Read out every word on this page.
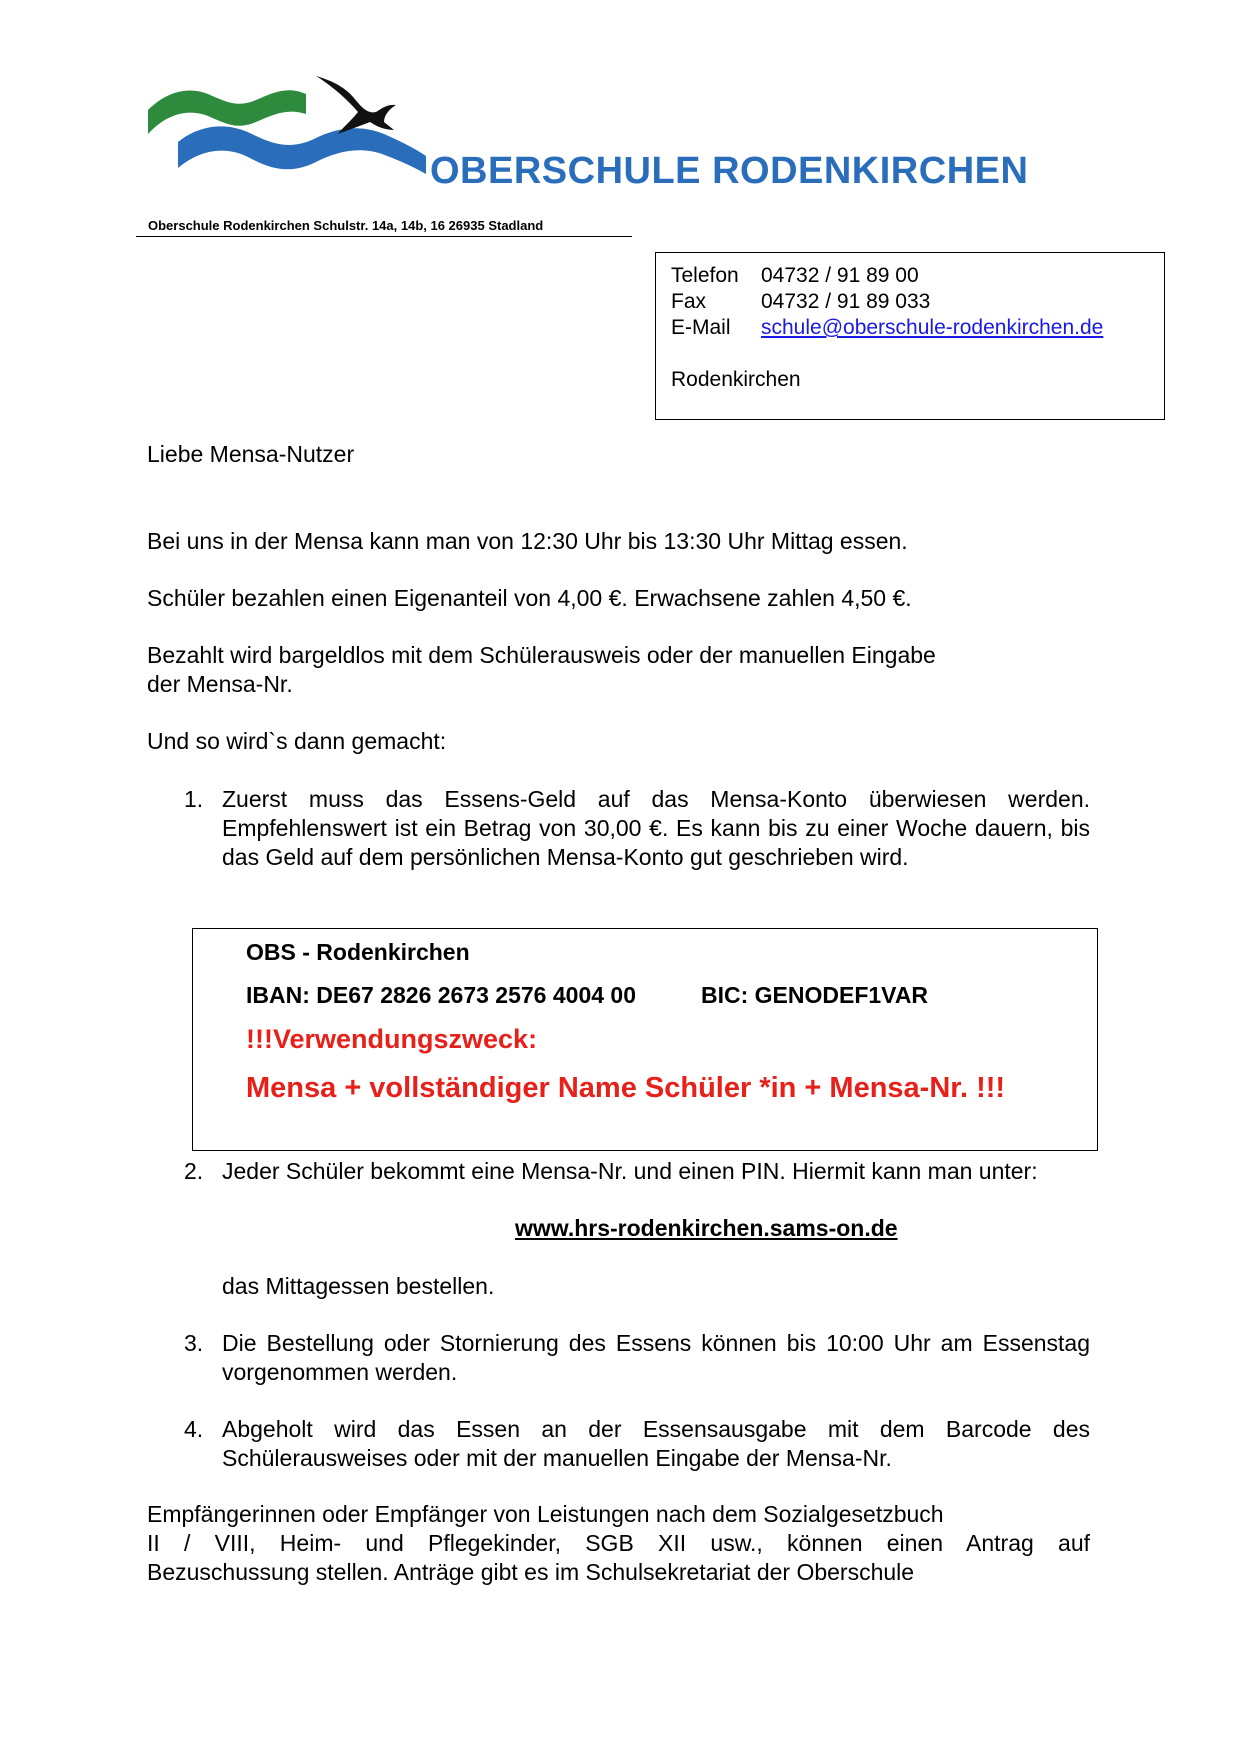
OBERSCHULE RODENKIRCHEN
Oberschule Rodenkirchen Schulstr. 14a, 14b, 16 26935 Stadland
Telefon	04732 / 91 89 00
Fax	04732 / 91 89 033
E-Mail	schule@oberschule-rodenkirchen.de
Rodenkirchen
Liebe Mensa-Nutzer
Bei uns in der Mensa kann man von 12:30 Uhr bis 13:30 Uhr Mittag essen.
Schüler bezahlen einen Eigenanteil von 4,00 €. Erwachsene zahlen 4,50 €.
Bezahlt wird bargeldlos mit dem Schülerausweis oder der manuellen Eingabe
der Mensa-Nr.
Und so wird`s dann gemacht:
1. Zuerst muss das Essens-Geld auf das Mensa-Konto überwiesen werden. Empfehlenswert ist ein Betrag von 30,00 €. Es kann bis zu einer Woche dauern, bis das Geld auf dem persönlichen Mensa-Konto gut geschrieben wird.
OBS - Rodenkirchen
IBAN: DE67 2826 2673 2576 4004 00	BIC: GENODEF1VAR
!!!Verwendungszweck:
Mensa + vollständiger Name Schüler *in + Mensa-Nr. !!!
2. Jeder Schüler bekommt eine Mensa-Nr. und einen PIN. Hiermit kann man unter:
www.hrs-rodenkirchen.sams-on.de
das Mittagessen bestellen.
3. Die Bestellung oder Stornierung des Essens können bis 10:00 Uhr am Essenstag vorgenommen werden.
4. Abgeholt wird das Essen an der Essensausgabe mit dem Barcode des Schülerausweises oder mit der manuellen Eingabe der Mensa-Nr.
Empfängerinnen oder Empfänger von Leistungen nach dem Sozialgesetzbuch
II / VIII, Heim- und Pflegekinder, SGB XII usw., können einen Antrag auf
Bezuschussung stellen. Anträge gibt es im Schulsekretariat der Oberschule
